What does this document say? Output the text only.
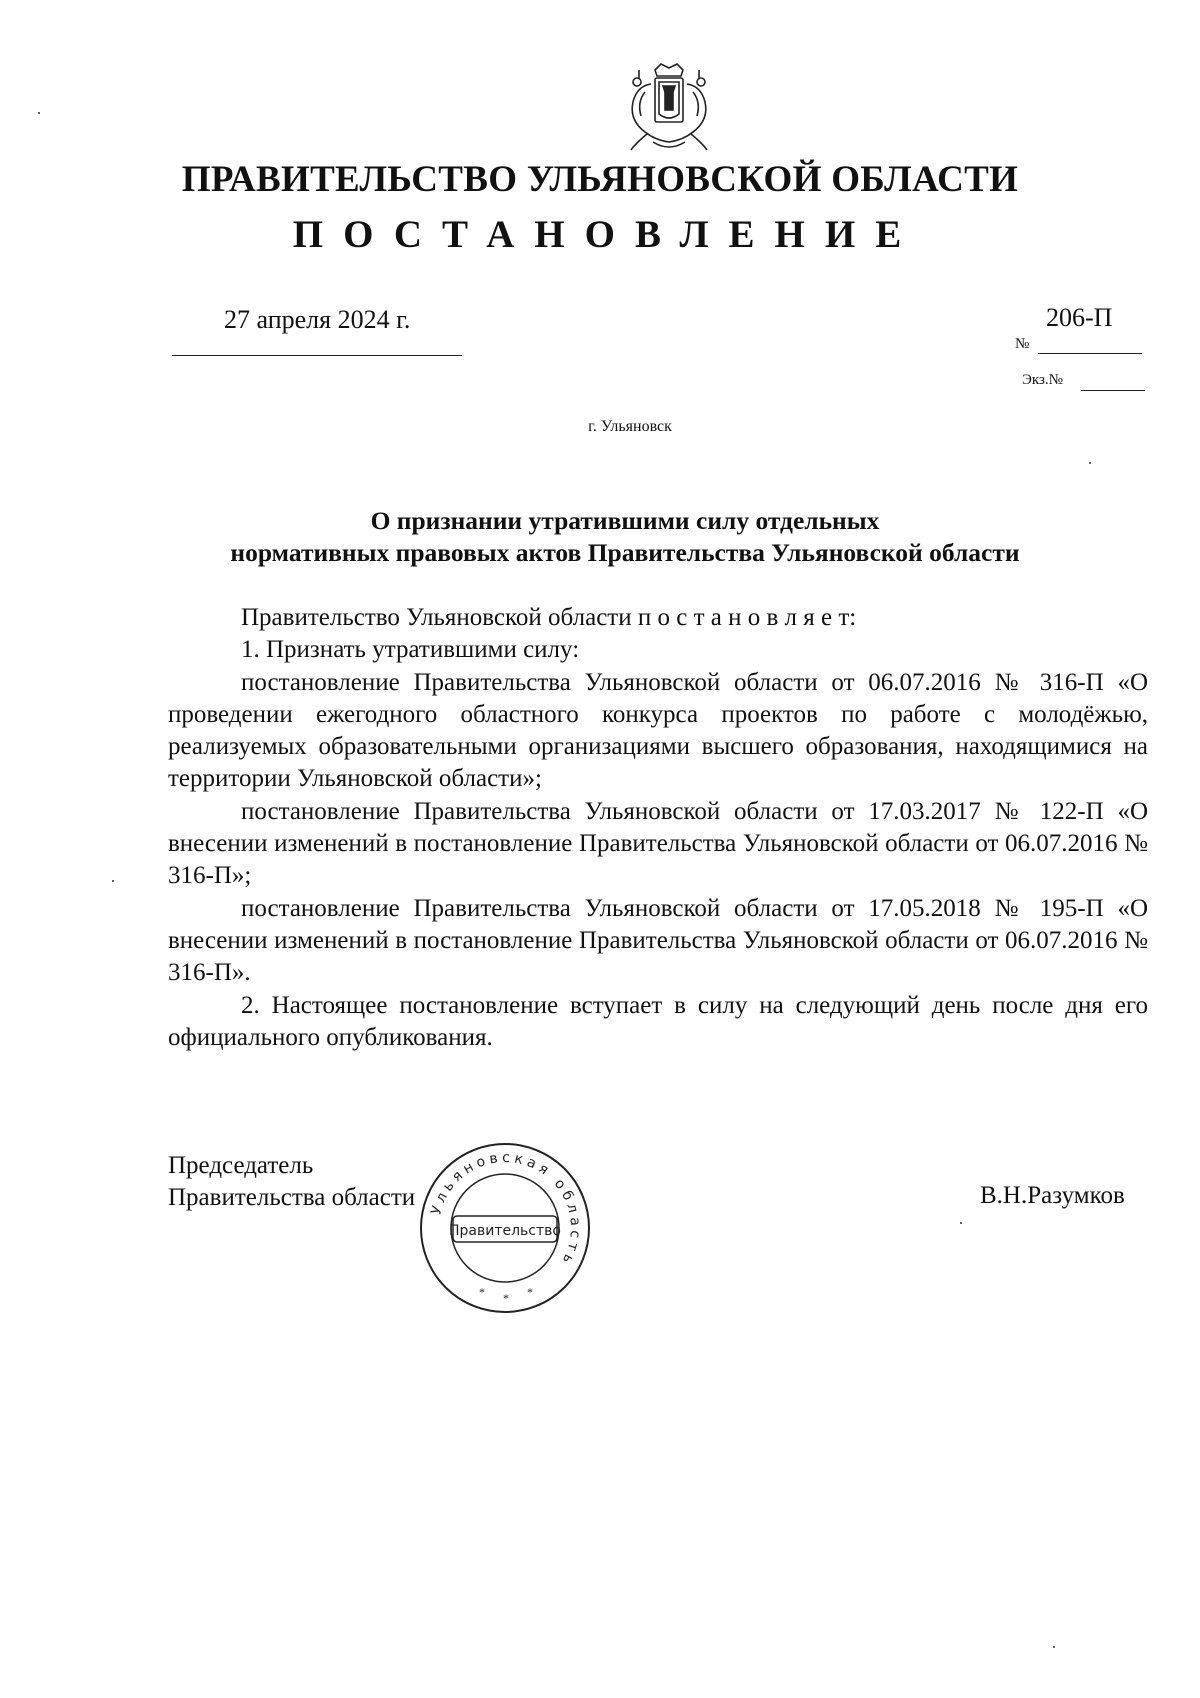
ПРАВИТЕЛЬСТВО УЛЬЯНОВСКОЙ ОБЛАСТИ
ПОСТАНОВЛЕНИЕ
27 апреля 2024 г.	206-П
№
Экз.№
г. Ульяновск
О признании утратившими силу отдельных
нормативных правовых актов Правительства Ульяновской области

Правительство Ульяновской области п о с т а н о в л я е т:

1. Признать утратившими силу:

постановление Правительства Ульяновской области от 06.07.2016 № 316-П «О проведении ежегодного областного конкурса проектов по работе с молодёжью, реализуемых образовательными организациями высшего образования, находящимися на территории Ульяновской области»;

постановление Правительства Ульяновской области от 17.03.2017 № 122-П «О внесении изменений в постановление Правительства Ульяновской области от 06.07.2016 № 316-П»;

постановление Правительства Ульяновской области от 17.05.2018 № 195-П «О внесении изменений в постановление Правительства Ульяновской области от 06.07.2016 № 316-П».

2. Настоящее постановление вступает в силу на следующий день после дня его официального опубликования.

Председатель
Правительства области	В.Н.Разумков
Ульяновская область
Правительство
* * *
